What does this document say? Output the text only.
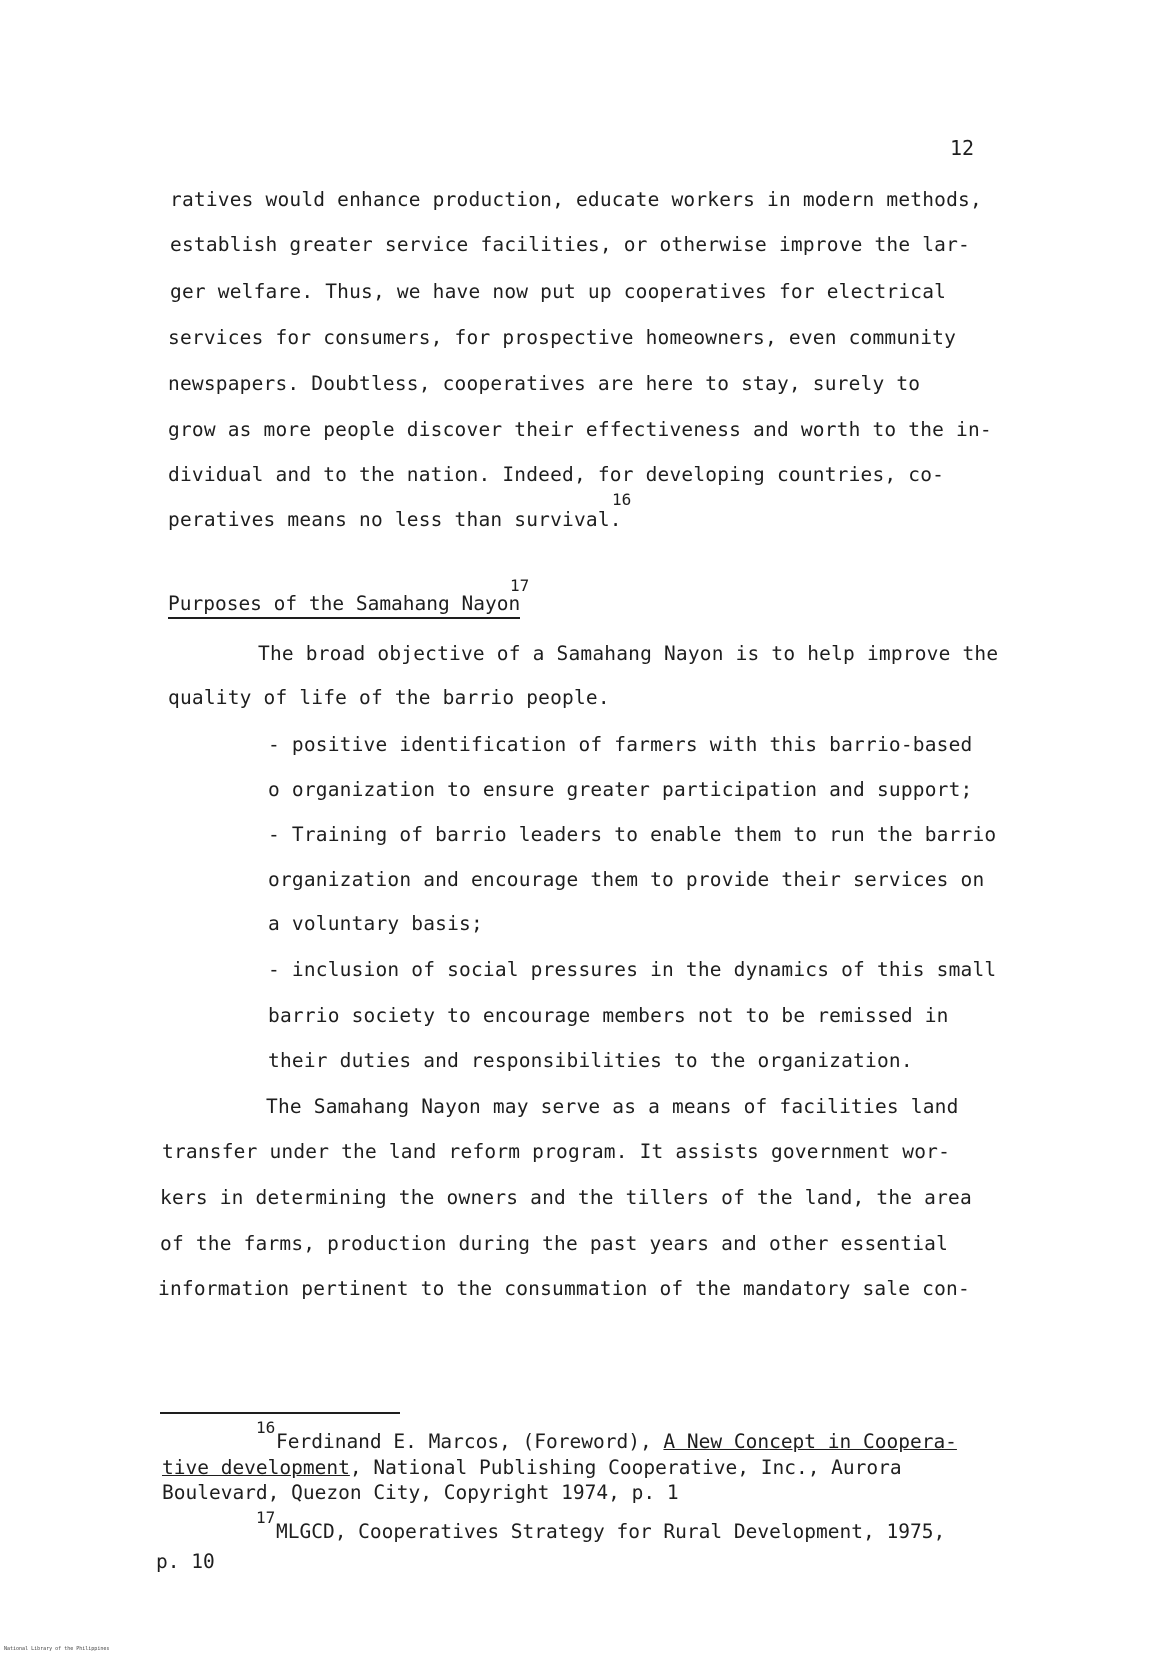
12
ratives would enhance production, educate workers in modern methods,
establish greater service facilities, or otherwise improve the lar-
ger welfare. Thus, we have now put up cooperatives for electrical
services for consumers, for prospective homeowners, even community
newspapers. Doubtless, cooperatives are here to stay, surely to
grow as more people discover their effectiveness and worth to the in-
dividual and to the nation. Indeed, for developing countries, co-
peratives means no less than survival.
16
Purposes of the Samahang Nayon
17
The broad objective of a Samahang Nayon is to help improve the
quality of life of the barrio people.
- positive identification of farmers with this barrio-based
o organization to ensure greater participation and support;
- Training of barrio leaders to enable them to run the barrio
organization and encourage them to provide their services on
a voluntary basis;
- inclusion of social pressures in the dynamics of this small
barrio society to encourage members not to be remissed in
their duties and responsibilities to the organization.
The Samahang Nayon may serve as a means of facilities land
transfer under the land reform program. It assists government wor-
kers in determining the owners and the tillers of the land, the area
of the farms, production during the past years and other essential
information pertinent to the consummation of the mandatory sale con-
16
Ferdinand E. Marcos, (Foreword), A New Concept in Coopera-
tive development, National Publishing Cooperative, Inc., Aurora
Boulevard, Quezon City, Copyright 1974, p. 1
17
MLGCD, Cooperatives Strategy for Rural Development, 1975,
p. 10
National Library of the Philippines
